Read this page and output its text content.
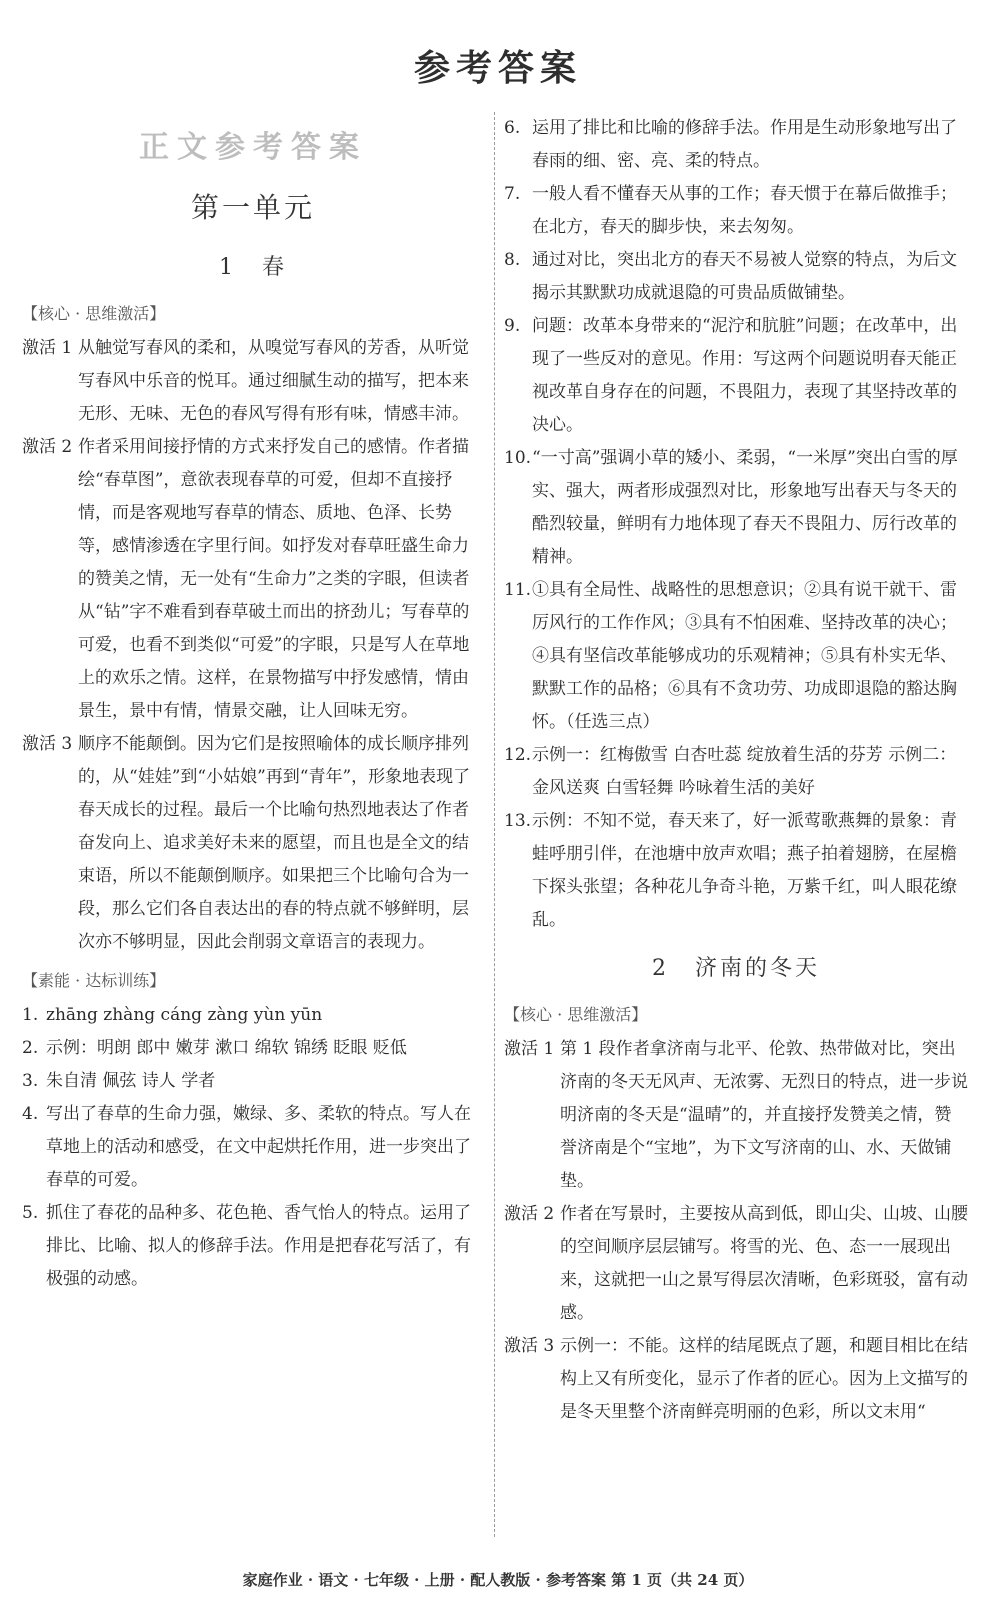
参考答案
正文参考答案
第一单元
1 春
【核心 · 思维激活】
激活 1 从触觉写春风的柔和，从嗅觉写春风的芳香，从听觉写春风中乐音的悦耳。通过细腻生动的描写，把本来无形、无味、无色的春风写得有形有味，情感丰沛。
激活 2 作者采用间接抒情的方式来抒发自己的感情。作者描绘“春草图”，意欲表现春草的可爱，但却不直接抒情，而是客观地写春草的情态、质地、色泽、长势等，感情渗透在字里行间。如抒发对春草旺盛生命力的赞美之情，无一处有“生命力”之类的字眼，但读者从“钻”字不难看到春草破土而出的挤劲儿；写春草的可爱，也看不到类似“可爱”的字眼，只是写人在草地上的欢乐之情。这样，在景物描写中抒发感情，情由景生，景中有情，情景交融，让人回味无穷。
激活 3 顺序不能颠倒。因为它们是按照喻体的成长顺序排列的，从“娃娃”到“小姑娘”再到“青年”，形象地表现了春天成长的过程。最后一个比喻句热烈地表达了作者奋发向上、追求美好未来的愿望，而且也是全文的结束语，所以不能颠倒顺序。如果把三个比喻句合为一段，那么它们各自表达出的春的特点就不够鲜明，层次亦不够明显，因此会削弱文章语言的表现力。
【素能 · 达标训练】
1. zhāng zhàng cáng zàng yùn yūn
2. 示例：明朗 郎中 嫩芽 漱口 绵软 锦绣 眨眼 贬低
3. 朱自清 佩弦 诗人 学者
4. 写出了春草的生命力强，嫩绿、多、柔软的特点。写人在草地上的活动和感受，在文中起烘托作用，进一步突出了春草的可爱。
5. 抓住了春花的品种多、花色艳、香气怡人的特点。运用了排比、比喻、拟人的修辞手法。作用是把春花写活了，有极强的动感。
6. 运用了排比和比喻的修辞手法。作用是生动形象地写出了春雨的细、密、亮、柔的特点。
7. 一般人看不懂春天从事的工作；春天惯于在幕后做推手；在北方，春天的脚步快，来去匆匆。
8. 通过对比，突出北方的春天不易被人觉察的特点，为后文揭示其默默功成就退隐的可贵品质做铺垫。
9. 问题：改革本身带来的“泥泞和肮脏”问题；在改革中，出现了一些反对的意见。作用：写这两个问题说明春天能正视改革自身存在的问题，不畏阻力，表现了其坚持改革的决心。
10. “一寸高”强调小草的矮小、柔弱，“一米厚”突出白雪的厚实、强大，两者形成强烈对比，形象地写出春天与冬天的酷烈较量，鲜明有力地体现了春天不畏阻力、厉行改革的精神。
11. ①具有全局性、战略性的思想意识；②具有说干就干、雷厉风行的工作作风；③具有不怕困难、坚持改革的决心；④具有坚信改革能够成功的乐观精神；⑤具有朴实无华、默默工作的品格；⑥具有不贪功劳、功成即退隐的豁达胸怀。（任选三点）
12. 示例一：红梅傲雪 白杏吐蕊 绽放着生活的芬芳 示例二：金风送爽 白雪轻舞 吟咏着生活的美好
13. 示例：不知不觉，春天来了，好一派莺歌燕舞的景象：青蛙呼朋引伴，在池塘中放声欢唱；燕子拍着翅膀，在屋檐下探头张望；各种花儿争奇斗艳，万紫千红，叫人眼花缭乱。
2 济南的冬天
【核心 · 思维激活】
激活 1 第 1 段作者拿济南与北平、伦敦、热带做对比，突出济南的冬天无风声、无浓雾、无烈日的特点，进一步说明济南的冬天是“温晴”的，并直接抒发赞美之情，赞誉济南是个“宝地”，为下文写济南的山、水、天做铺垫。
激活 2 作者在写景时，主要按从高到低，即山尖、山坡、山腰的空间顺序层层铺写。将雪的光、色、态一一展现出来，这就把一山之景写得层次清晰，色彩斑驳，富有动感。
激活 3 示例一：不能。这样的结尾既点了题，和题目相比在结构上又有所变化，显示了作者的匠心。因为上文描写的是冬天里整个济南鲜亮明丽的色彩，所以文末用“
家庭作业 · 语文 · 七年级 · 上册 · 配人教版 · 参考答案 第 1 页（共 24 页）
